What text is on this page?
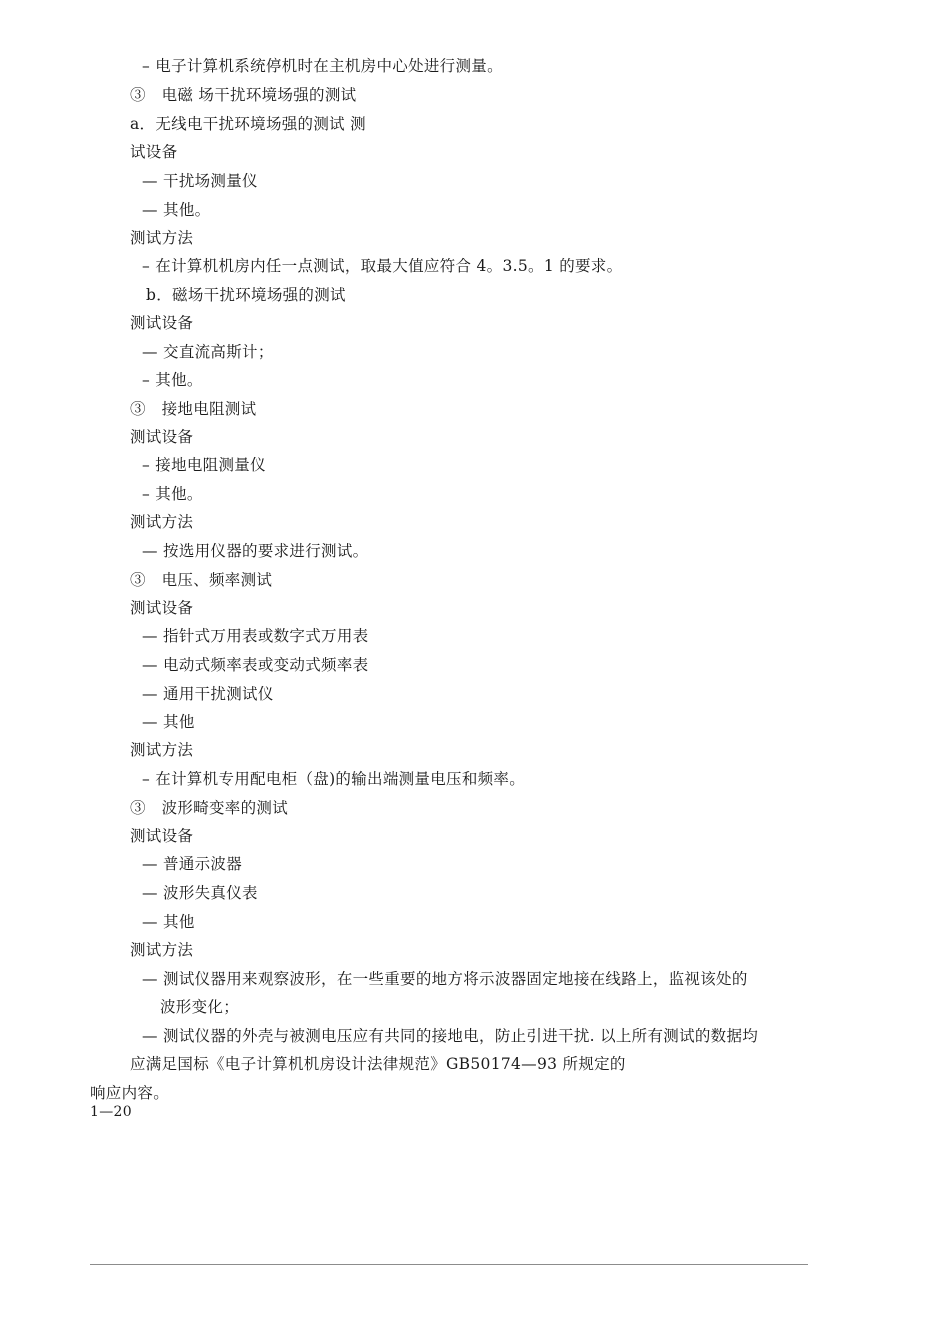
– 电子计算机系统停机时在主机房中心处进行测量。
③　电磁 场干扰环境场强的测试
a．无线电干扰环境场强的测试 测
试设备
— 干扰场测量仪
— 其他。
测试方法
– 在计算机机房内任一点测试，取最大值应符合 4。3.5。1 的要求。
b．磁场干扰环境场强的测试
测试设备
— 交直流高斯计；
– 其他。
③　接地电阻测试
测试设备
– 接地电阻测量仪
– 其他。
测试方法
— 按选用仪器的要求进行测试。
③　电压、频率测试
测试设备
— 指针式万用表或数字式万用表
— 电动式频率表或变动式频率表
— 通用干扰测试仪
— 其他
测试方法
– 在计算机专用配电柜（盘)的输出端测量电压和频率。
③　波形畸变率的测试
测试设备
— 普通示波器
— 波形失真仪表
— 其他
测试方法
— 测试仪器用来观察波形，在一些重要的地方将示波器固定地接在线路上，监视该处的
波形变化；
— 测试仪器的外壳与被测电压应有共同的接地电，防止引进干扰. 以上所有测试的数据均
应满足国标《电子计算机机房设计法律规范》GB50174—93 所规定的
响应内容。
1—20
